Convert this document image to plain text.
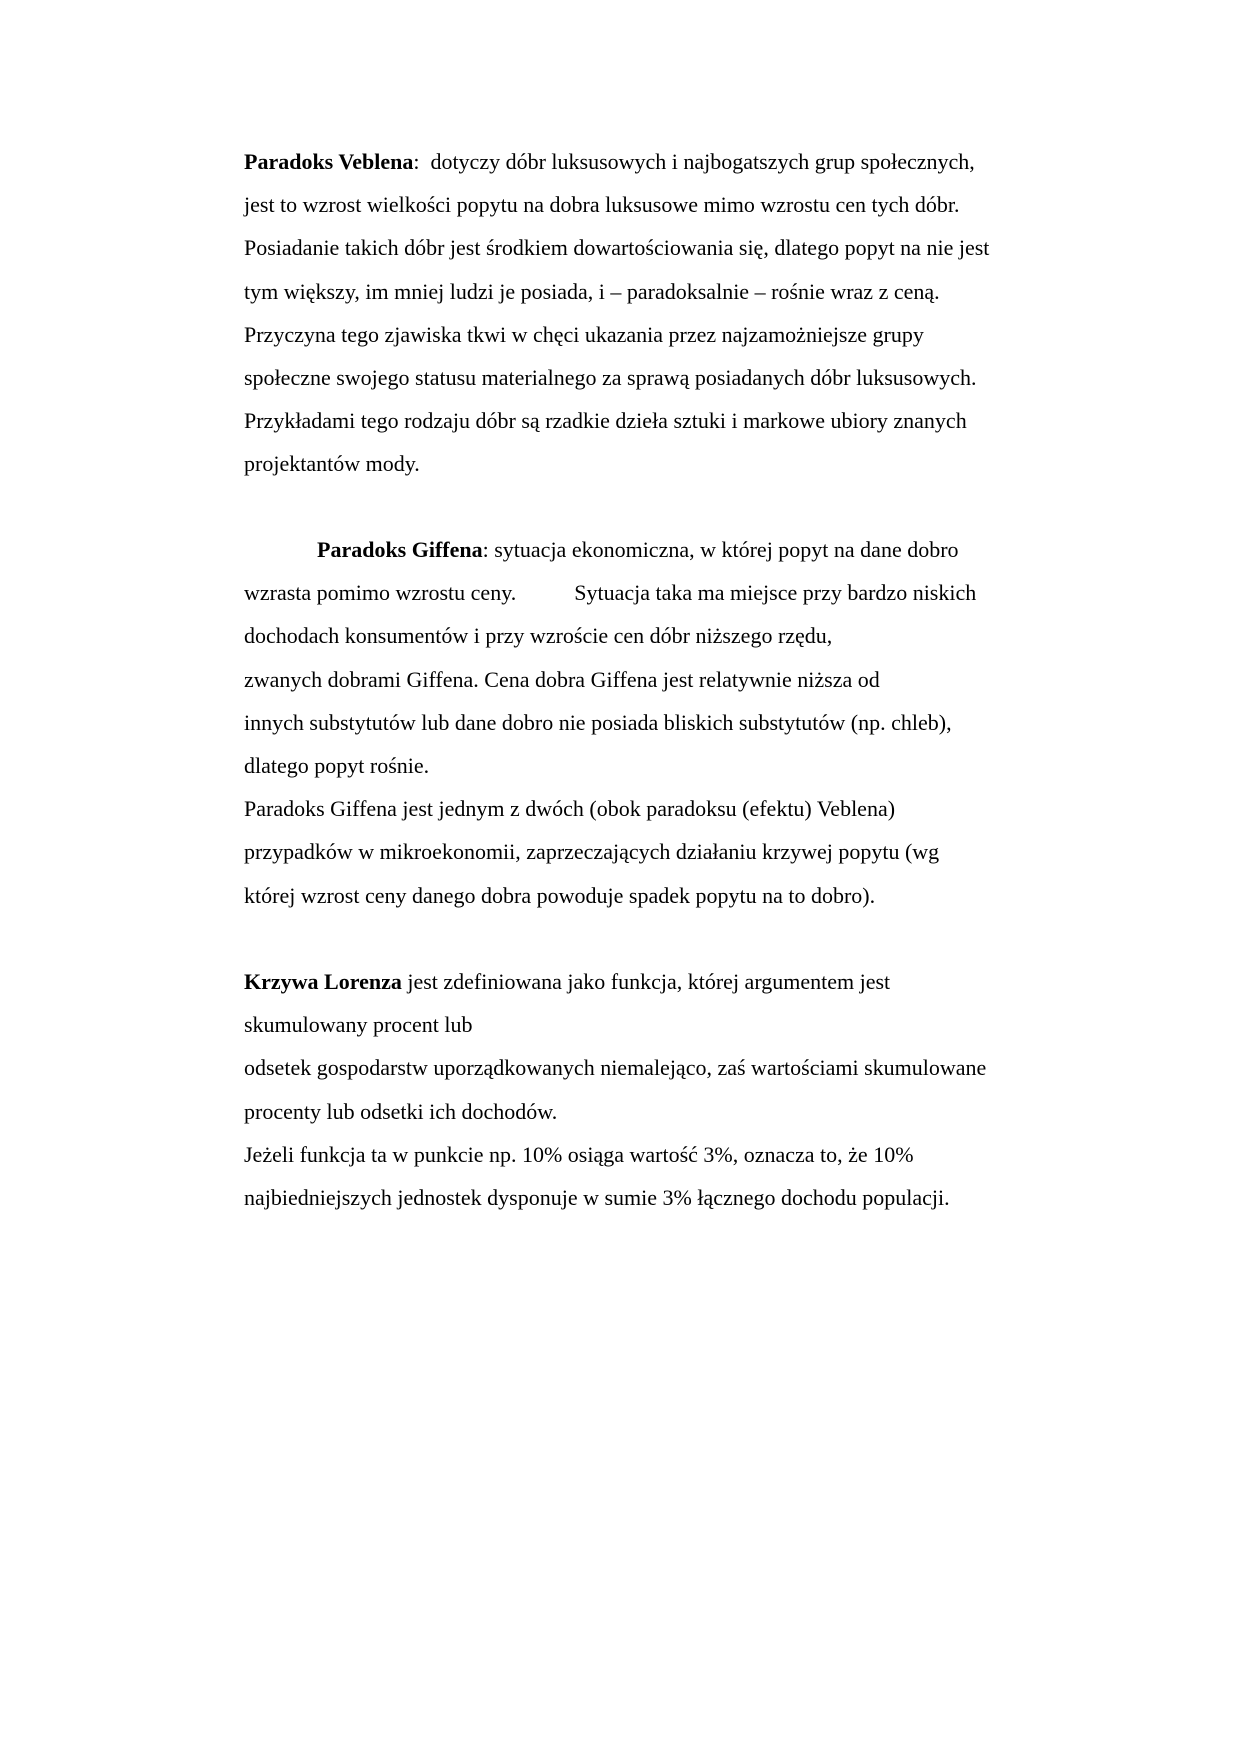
Paradoks Veblena:  dotyczy dóbr luksusowych i najbogatszych grup społecznych,
jest to wzrost wielkości popytu na dobra luksusowe mimo wzrostu cen tych dóbr.
Posiadanie takich dóbr jest środkiem dowartościowania się, dlatego popyt na nie jest
tym większy, im mniej ludzi je posiada, i – paradoksalnie – rośnie wraz z ceną.
Przyczyna tego zjawiska tkwi w chęci ukazania przez najzamożniejsze grupy
społeczne swojego statusu materialnego za sprawą posiadanych dóbr luksusowych.
Przykładami tego rodzaju dóbr są rzadkie dzieła sztuki i markowe ubiory znanych
projektantów mody.
Paradoks Giffena: sytuacja ekonomiczna, w której popyt na dane dobro
wzrasta pomimo wzrostu ceny.	Sytuacja taka ma miejsce przy bardzo niskich
dochodach konsumentów i przy wzroście cen dóbr niższego rzędu,
zwanych dobrami Giffena. Cena dobra Giffena jest relatywnie niższa od
innych substytutów lub dane dobro nie posiada bliskich substytutów (np. chleb),
dlatego popyt rośnie.
Paradoks Giffena jest jednym z dwóch (obok paradoksu (efektu) Veblena)
przypadków w mikroekonomii, zaprzeczających działaniu krzywej popytu (wg
której wzrost ceny danego dobra powoduje spadek popytu na to dobro).
Krzywa Lorenza jest zdefiniowana jako funkcja, której argumentem jest
skumulowany procent lub
odsetek gospodarstw uporządkowanych niemalejąco, zaś wartościami skumulowane
procenty lub odsetki ich dochodów.
Jeżeli funkcja ta w punkcie np. 10% osiąga wartość 3%, oznacza to, że 10%
najbiedniejszych jednostek dysponuje w sumie 3% łącznego dochodu populacji.
